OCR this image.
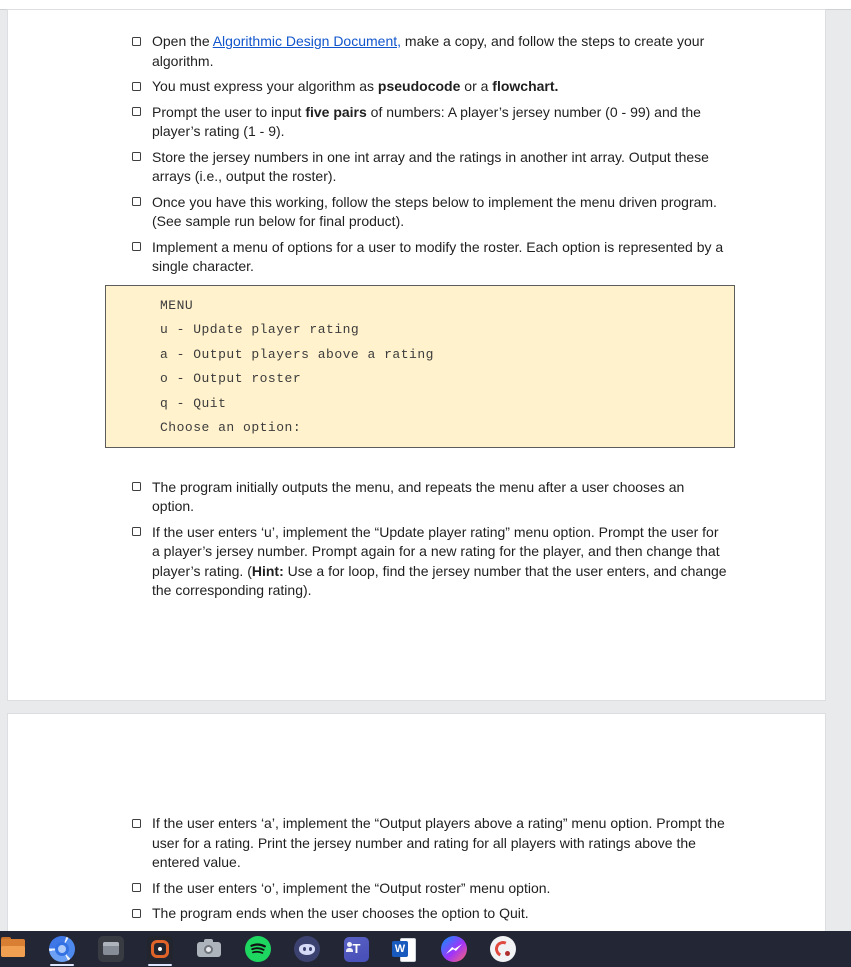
Open the Algorithmic Design Document, make a copy, and follow the steps to create your algorithm.
You must express your algorithm as pseudocode or a flowchart.
Prompt the user to input five pairs of numbers: A player’s jersey number (0 - 99) and the player’s rating (1 - 9).
Store the jersey numbers in one int array and the ratings in another int array. Output these arrays (i.e., output the roster).
Once you have this working, follow the steps below to implement the menu driven program. (See sample run below for final product).
Implement a menu of options for a user to modify the roster. Each option is represented by a single character.
MENU
u - Update player rating
a - Output players above a rating
o - Output roster
q - Quit
Choose an option:
The program initially outputs the menu, and repeats the menu after a user chooses an option.
If the user enters ‘u’, implement the “Update player rating” menu option. Prompt the user for a player’s jersey number. Prompt again for a new rating for the player, and then change that player’s rating. (Hint: Use a for loop, find the jersey number that the user enters, and change the corresponding rating).
If the user enters ‘a’, implement the “Output players above a rating” menu option. Prompt the user for a rating. Print the jersey number and rating for all players with ratings above the entered value.
If the user enters ‘o’, implement the “Output roster” menu option.
The program ends when the user chooses the option to Quit.
T	W
